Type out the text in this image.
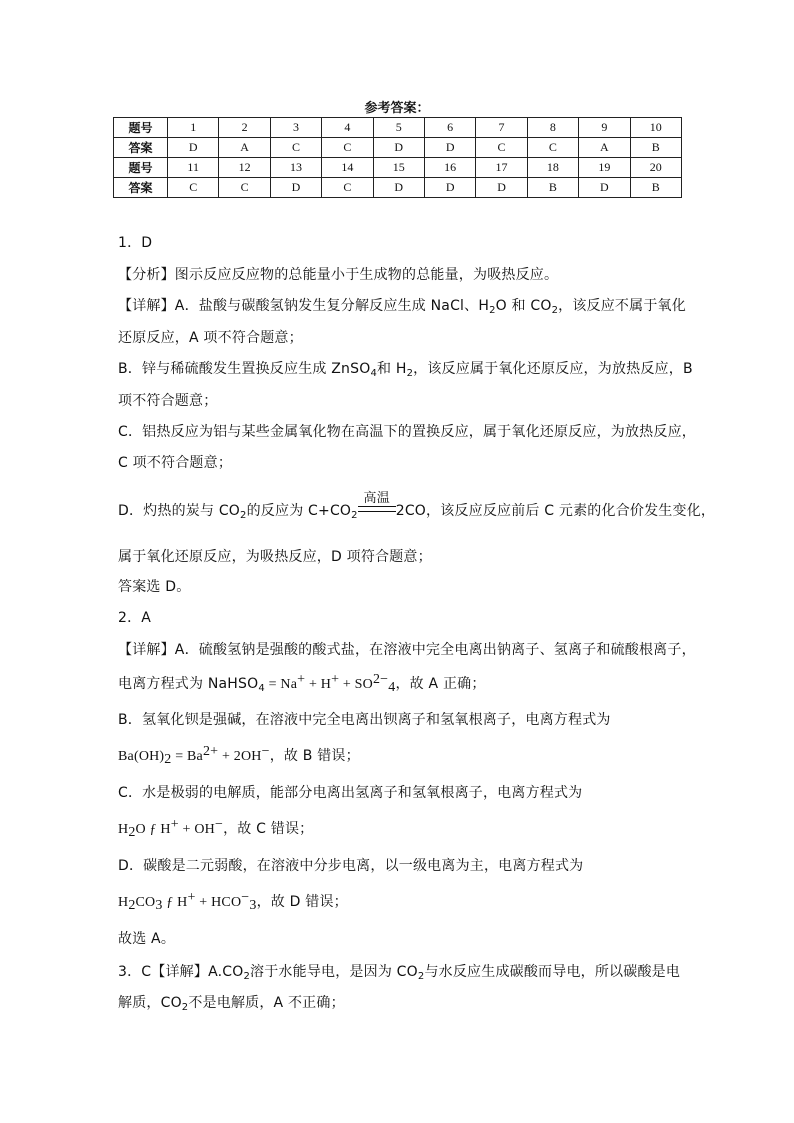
参考答案：
题号	1	2	3	4	5	6	7	8	9	10
答案	D	A	C	C	D	D	C	C	A	B
题号	11	12	13	14	15	16	17	18	19	20
答案	C	C	D	C	D	D	D	B	D	B
1．D
【分析】图示反应反应物的总能量小于生成物的总能量，为吸热反应。
【详解】A．盐酸与碳酸氢钠发生复分解反应生成 NaCl、$H_2O$ 和 $CO_2$，该反应不属于氧化
还原反应，A 项不符合题意；
B．锌与稀硫酸发生置换反应生成 ZnSO$_4$和 $H_2$，该反应属于氧化还原反应，为放热反应，B
项不符合题意；
C．铝热反应为铝与某些金属氧化物在高温下的置换反应，属于氧化还原反应，为放热反应，
C 项不符合题意；
D．灼热的炭与 $CO_2$的反应为 $C+CO_2$
高温
2CO，该反应反应前后 C 元素的化合价发生变化，
属于氧化还原反应，为吸热反应，D 项符合题意；
答案选 D。
2．A
【详解】A．硫酸氢钠是强酸的酸式盐，在溶液中完全电离出钠离子、氢离子和硫酸根离子，
电离方程式为 NaHSO$_4$ = $Na^+ + H^+ + SO^{2-}_4$，故 A 正确；
B．氢氧化钡是强碱，在溶液中完全电离出钡离子和氢氧根离子，电离方程式为
$Ba(OH)_2 = Ba^{2+} + 2OH^-$，故 B 错误；
C．水是极弱的电解质，能部分电离出氢离子和氢氧根离子，电离方程式为
$H_2O$ ƒ H+ + OH−，故 C 错误；
D．碳酸是二元弱酸，在溶液中分步电离，以一级电离为主，电离方程式为
$H_2CO_3$ ƒ $H^+ + HCO^-_3$，故 D 错误；
故选 A。
3．C【详解】$A.CO_2$溶于水能导电，是因为 $CO_2$与水反应生成碳酸而导电，所以碳酸是电
解质，$CO_2$不是电解质，A 不正确；
